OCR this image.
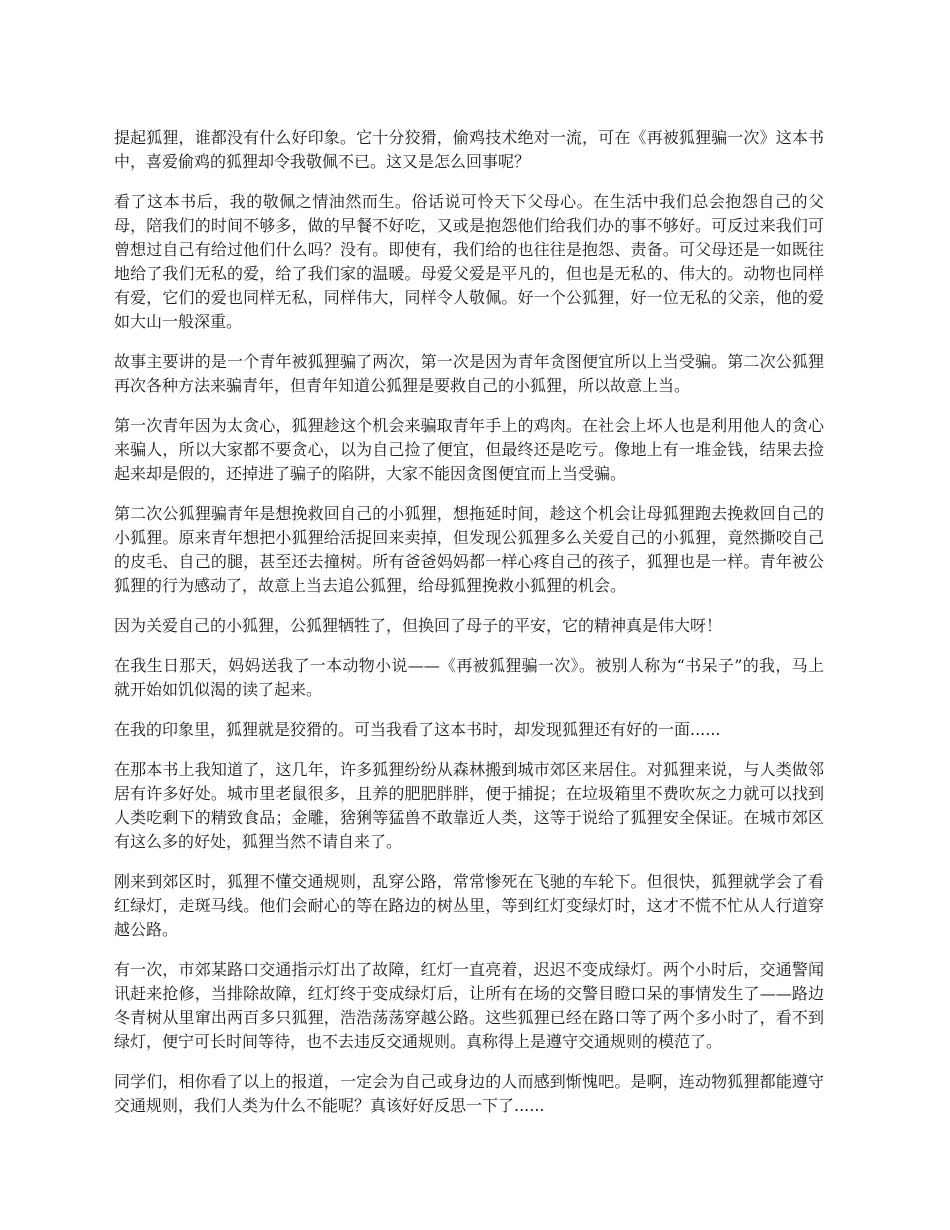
提起狐狸，谁都没有什么好印象。它十分狡猾，偷鸡技术绝对一流，可在《再被狐狸骗一次》这本书中，喜爱偷鸡的狐狸却令我敬佩不已。这又是怎么回事呢？

看了这本书后，我的敬佩之情油然而生。俗话说可怜天下父母心。在生活中我们总会抱怨自己的父母，陪我们的时间不够多，做的早餐不好吃，又或是抱怨他们给我们办的事不够好。可反过来我们可曾想过自己有给过他们什么吗？没有。即使有，我们给的也往往是抱怨、责备。可父母还是一如既往地给了我们无私的爱，给了我们家的温暖。母爱父爱是平凡的，但也是无私的、伟大的。动物也同样有爱，它们的爱也同样无私，同样伟大，同样令人敬佩。好一个公狐狸，好一位无私的父亲，他的爱如大山一般深重。

故事主要讲的是一个青年被狐狸骗了两次，第一次是因为青年贪图便宜所以上当受骗。第二次公狐狸再次各种方法来骗青年，但青年知道公狐狸是要救自己的小狐狸，所以故意上当。

第一次青年因为太贪心，狐狸趁这个机会来骗取青年手上的鸡肉。在社会上坏人也是利用他人的贪心来骗人，所以大家都不要贪心，以为自己捡了便宜，但最终还是吃亏。像地上有一堆金钱，结果去捡起来却是假的，还掉进了骗子的陷阱，大家不能因贪图便宜而上当受骗。

第二次公狐狸骗青年是想挽救回自己的小狐狸，想拖延时间，趁这个机会让母狐狸跑去挽救回自己的小狐狸。原来青年想把小狐狸给活捉回来卖掉，但发现公狐狸多么关爱自己的小狐狸，竟然撕咬自己的皮毛、自己的腿，甚至还去撞树。所有爸爸妈妈都一样心疼自己的孩子，狐狸也是一样。青年被公狐狸的行为感动了，故意上当去追公狐狸，给母狐狸挽救小狐狸的机会。

因为关爱自己的小狐狸，公狐狸牺牲了，但换回了母子的平安，它的精神真是伟大呀！

在我生日那天，妈妈送我了一本动物小说——《再被狐狸骗一次》。被别人称为“书呆子”的我，马上就开始如饥似渴的读了起来。

在我的印象里，狐狸就是狡猾的。可当我看了这本书时，却发现狐狸还有好的一面......

在那本书上我知道了，这几年，许多狐狸纷纷从森林搬到城市郊区来居住。对狐狸来说，与人类做邻居有许多好处。城市里老鼠很多，且养的肥肥胖胖，便于捕捉；在垃圾箱里不费吹灰之力就可以找到人类吃剩下的精致食品；金雕，猞猁等猛兽不敢靠近人类，这等于说给了狐狸安全保证。在城市郊区有这么多的好处，狐狸当然不请自来了。

刚来到郊区时，狐狸不懂交通规则，乱穿公路，常常惨死在飞驰的车轮下。但很快，狐狸就学会了看红绿灯，走斑马线。他们会耐心的等在路边的树丛里，等到红灯变绿灯时，这才不慌不忙从人行道穿越公路。

有一次，市郊某路口交通指示灯出了故障，红灯一直亮着，迟迟不变成绿灯。两个小时后，交通警闻讯赶来抢修，当排除故障，红灯终于变成绿灯后，让所有在场的交警目瞪口呆的事情发生了——路边冬青树从里窜出两百多只狐狸，浩浩荡荡穿越公路。这些狐狸已经在路口等了两个多小时了，看不到绿灯，便宁可长时间等待，也不去违反交通规则。真称得上是遵守交通规则的模范了。

同学们，相你看了以上的报道，一定会为自己或身边的人而感到惭愧吧。是啊，连动物狐狸都能遵守交通规则，我们人类为什么不能呢？真该好好反思一下了......
